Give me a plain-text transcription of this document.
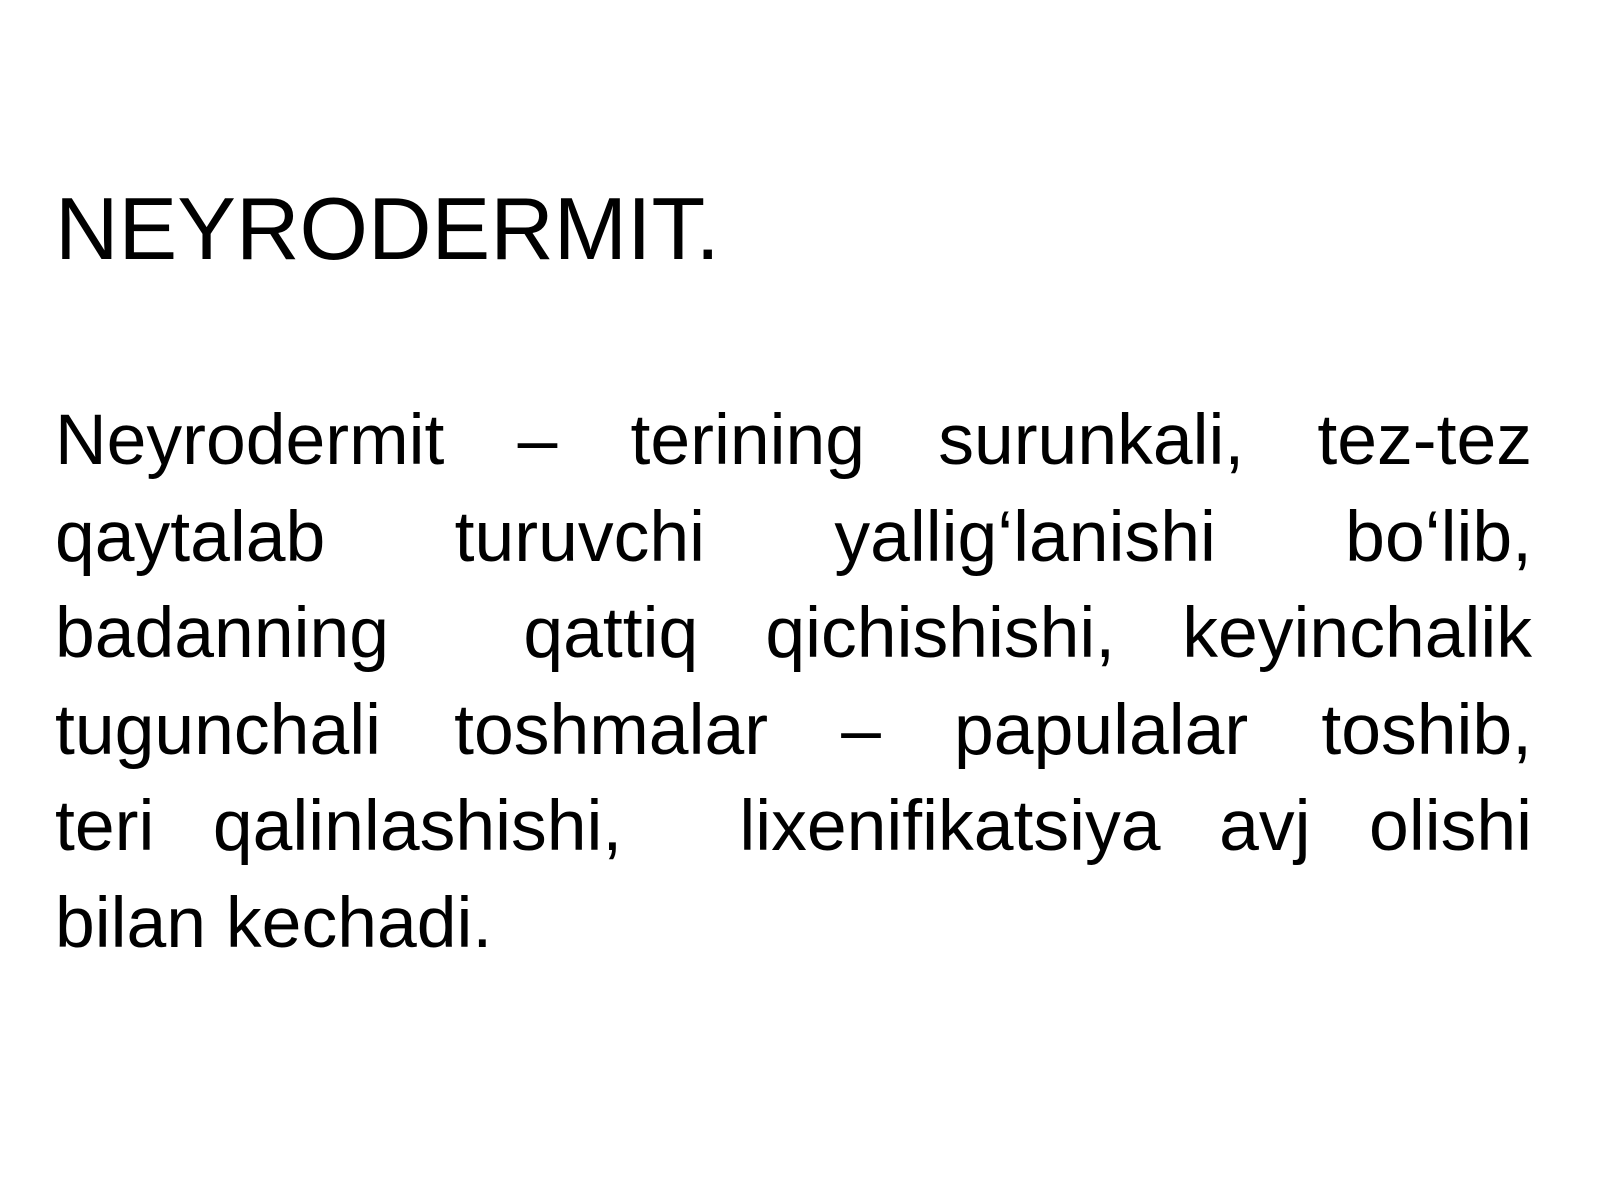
NEYRODERMIT.
Neyrodermit – terining surunkali, tez-tez
qaytalab turuvchi yallig‘lanishi bo‘lib,
badanning  qattiq qichishishi, keyinchalik
tugunchali toshmalar – papulalar toshib,
teri qalinlashishi,  lixenifikatsiya avj olishi
bilan kechadi.
